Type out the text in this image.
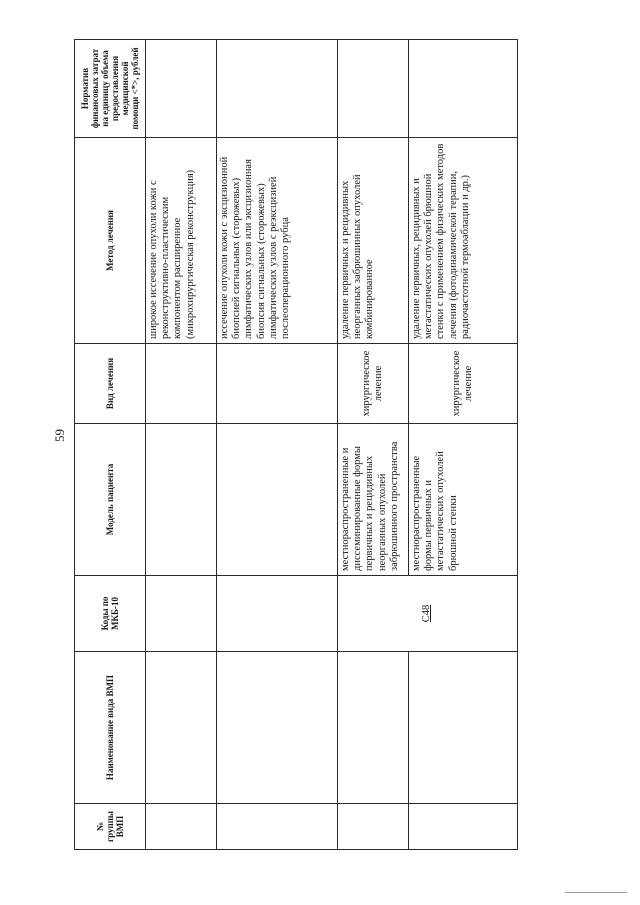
59
№ группы ВМП	Наименование вида ВМП	Коды по МКБ-10	Модель пациента	Вид лечения	Метод лечения	Норматив финансовых затрат на единицу объема предоставления медицинской помощи <*>, рублей
					широкое иссечение опухоли кожи с реконструктивно-пластическим компонентом расширенное (микрохирургическая реконструкция)	
					иссечение опухоли кожи с эксцизионной биопсией сигнальных (сторожевых) лимфатических узлов или эксцизионная биопсия сигнальных (сторожевых) лимфатических узлов с реэксцизией послеоперационного рубца	
		C48	местнораспространенные и диссеминированные формы первичных и рецидивных неорганных опухолей забрюшинного пространства	хирургическое лечение	удаление первичных и рецидивных неорганных забрюшинных опухолей комбинированное	
			местнораспространенные формы первичных и метастатических опухолей брюшной стенки	хирургическое лечение	удаление первичных, рецидивных и метастатических опухолей брюшной стенки с применением физических методов лечения (фотодинамической терапии, радиочастотной термоаблации и др.)	
